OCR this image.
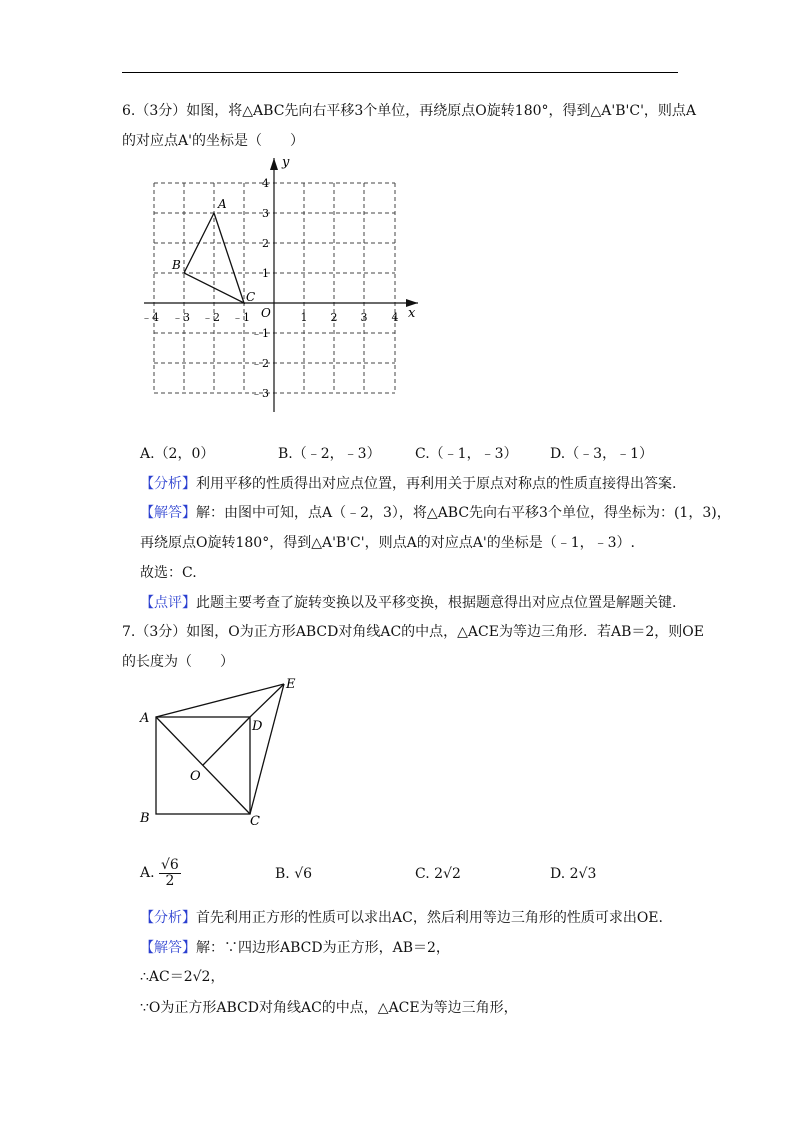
6.（3分）如图，将△ABC先向右平移3个单位，再绕原点O旋转180°，得到△A'B'C'，则点A
的对应点A'的坐标是（　　）
x
y
O
A
B
C
﹣4 ﹣3 ﹣2 ﹣1	1 2 3 4
4
3
2
1
﹣1
﹣2
﹣3
A.（2，0）	B.（﹣2，﹣3） C.（﹣1，﹣3） D.（﹣3，﹣1）
【分析】利用平移的性质得出对应点位置，再利用关于原点对称点的性质直接得出答案.
【解答】解：由图中可知，点A（﹣2，3），将△ABC先向右平移3个单位，得坐标为：(1，3)，
再绕原点O旋转180°，得到△A'B'C'，则点A的对应点A'的坐标是（﹣1，﹣3）.
故选：C.
【点评】此题主要考查了旋转变换以及平移变换，根据题意得出对应点位置是解题关键.
7.（3分）如图，O为正方形ABCD对角线AC的中点，△ACE为等边三角形．若AB＝2，则OE
的长度为（　　）
A
B	C
D
E
O
A. $\frac{√6}{2}$	B. √6	C. 2√2	D. 2√3
【分析】首先利用正方形的性质可以求出AC，然后利用等边三角形的性质可求出OE.
【解答】解：∵四边形ABCD为正方形，AB＝2，
∴AC＝2√2，
∵O为正方形ABCD对角线AC的中点，△ACE为等边三角形，
